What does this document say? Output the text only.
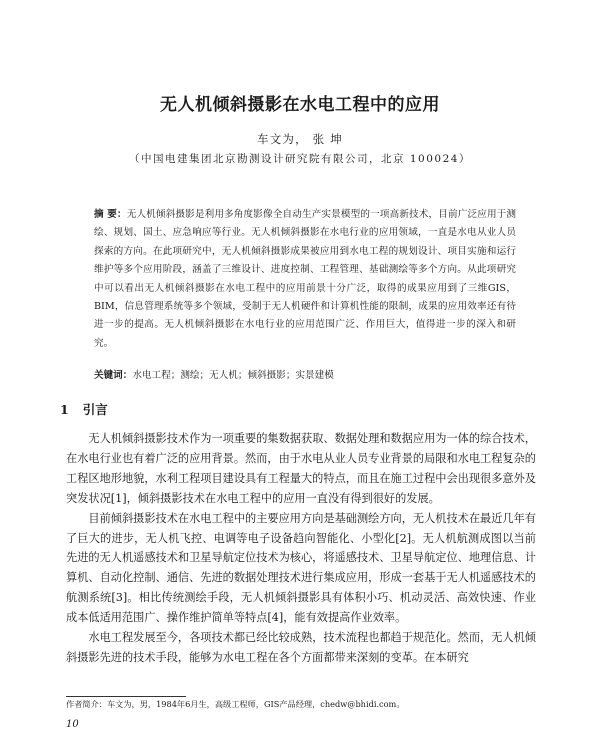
无人机倾斜摄影在水电工程中的应用
车文为， 张 坤
（中国电建集团北京勘测设计研究院有限公司，北京 100024）
摘 要：无人机倾斜摄影是利用多角度影像全自动生产实景模型的一项高新技术，目前广泛应用于测绘、规划、国土、应急响应等行业。无人机倾斜摄影在水电行业的应用领域，一直是水电从业人员探索的方向。在此项研究中，无人机倾斜摄影成果被应用到水电工程的规划设计、项目实施和运行维护等多个应用阶段，涵盖了三维设计、进度控制、工程管理、基础测绘等多个方向。从此项研究中可以看出无人机倾斜摄影在水电工程中的应用前景十分广泛，取得的成果应用到了三维GIS，BIM，信息管理系统等多个领域，受制于无人机硬件和计算机性能的限制，成果的应用效率还有待进一步的提高。无人机倾斜摄影在水电行业的应用范围广泛、作用巨大，值得进一步的深入和研究。
关键词：水电工程；测绘；无人机；倾斜摄影；实景建模
1 引言

无人机倾斜摄影技术作为一项重要的集数据获取、数据处理和数据应用为一体的综合技术，在水电行业也有着广泛的应用背景。然而，由于水电从业人员专业背景的局限和水电工程复杂的工程区地形地貌，水利工程项目建设具有工程量大的特点，而且在施工过程中会出现很多意外及突发状况[1]，倾斜摄影技术在水电工程中的应用一直没有得到很好的发展。

目前倾斜摄影技术在水电工程中的主要应用方向是基础测绘方向，无人机技术在最近几年有了巨大的进步，无人机飞控、电调等电子设备趋向智能化、小型化[2]。无人机航测成图以当前先进的无人机遥感技术和卫星导航定位技术为核心，将遥感技术、卫星导航定位、地理信息、计算机、自动化控制、通信、先进的数据处理技术进行集成应用，形成一套基于无人机遥感技术的航测系统[3]。相比传统测绘手段，无人机倾斜摄影具有体积小巧、机动灵活、高效快速、作业成本低适用范围广、操作维护简单等特点[4]，能有效提高作业效率。

水电工程发展至今，各项技术都已经比较成熟，技术流程也都趋于规范化。然而，无人机倾斜摄影先进的技术手段，能够为水电工程在各个方面都带来深刻的变革。在本研究

作者简介：车文为，男，1984年6月生，高级工程师，GIS产品经理，chedw@bhidi.com。
10
